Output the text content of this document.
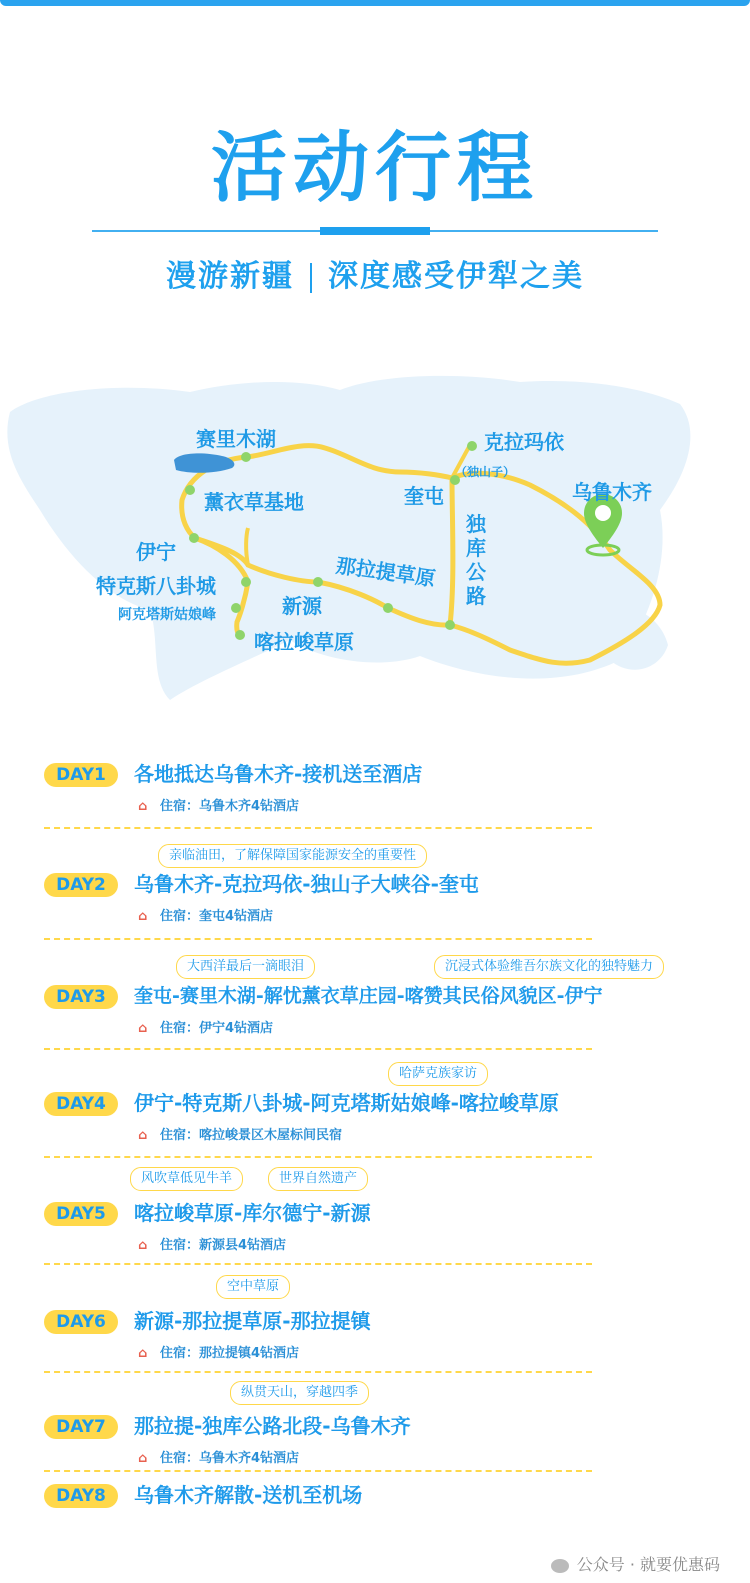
活动行程
漫游新疆 深度感受伊犁之美
赛里木湖	克拉玛依
（独山子）
乌鲁木齐
薰衣草基地	奎屯
伊宁
独库公路
那拉提草原
特克斯八卦城
新源
阿克塔斯姑娘峰
喀拉峻草原
DAY1	各地抵达乌鲁木齐-接机送至酒店
⌂ 住宿：乌鲁木齐4钻酒店
亲临油田，了解保障国家能源安全的重要性
DAY2	乌鲁木齐-克拉玛依-独山子大峡谷-奎屯
⌂ 住宿：奎屯4钻酒店
大西洋最后一滴眼泪	沉浸式体验维吾尔族文化的独特魅力
DAY3	奎屯-赛里木湖-解忧薰衣草庄园-喀赞其民俗风貌区-伊宁
⌂ 住宿：伊宁4钻酒店
哈萨克族家访
DAY4	伊宁-特克斯八卦城-阿克塔斯姑娘峰-喀拉峻草原
⌂ 住宿：喀拉峻景区木屋标间民宿
风吹草低见牛羊	世界自然遗产
DAY5	喀拉峻草原-库尔德宁-新源
⌂ 住宿：新源县4钻酒店
空中草原
DAY6	新源-那拉提草原-那拉提镇
⌂ 住宿：那拉提镇4钻酒店
纵贯天山，穿越四季
DAY7	那拉提-独库公路北段-乌鲁木齐
⌂ 住宿：乌鲁木齐4钻酒店
DAY8	乌鲁木齐解散-送机至机场
公众号 · 就要优惠码
